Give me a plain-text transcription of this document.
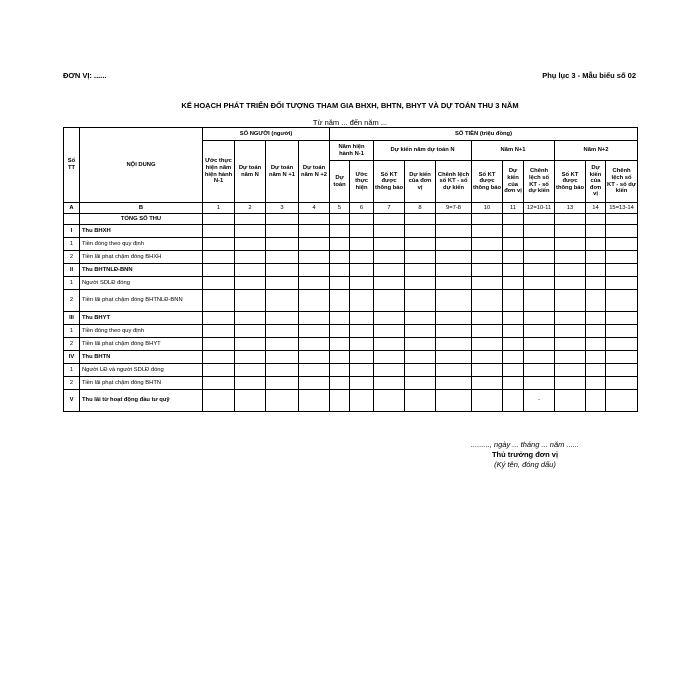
ĐƠN VỊ: ......	Phụ lục 3 - Mẫu biểu số 02
KẾ HOẠCH PHÁT TRIỂN ĐỐI TƯỢNG THAM GIA BHXH, BHTN, BHYT VÀ DỰ TOÁN THU 3 NĂM
Từ năm ... đến năm ...
Số TT	NỘI DUNG	SỐ NGƯỜI (người)				SỐ TIỀN (triệu đồng)										
		Ước thực hiện năm hiện hành N-1	Dự toán năm N	Dự toán năm N +1	Dự toán năm N +2	Năm hiện hành N-1		Dự kiến năm dự toán N			Năm N+1			Năm N+2		
						Dự toán	Ước thực hiện	Số KT được thông báo	Dự kiến của đơn vị	Chênh lệch số KT - số dự kiến	Số KT được thông báo	Dự kiến của đơn vị	Chênh lệch số KT - số dự kiến	Số KT được thông báo	Dự kiến của đơn vị	Chênh lệch số KT - số dự kiến
A	B	1	2	3	4	5	6	7	8	9=7-8	10	11	12=10-11	13	14	15=13-14
	TỔNG SỐ THU															
I	Thu BHXH															
1	Tiền đóng theo quy định															
2	Tiền lãi phạt chậm đóng BHXH															
II	Thu BHTNLĐ-BNN															
1	Người SDLĐ đóng															
2	Tiền lãi phạt chậm đóng BHTNLĐ-BNN															
III	Thu BHYT															
1	Tiền đóng theo quy định															
2	Tiền lãi phạt chậm đóng BHYT															
IV	Thu BHTN															
1	Người LĐ và người SDLĐ đóng															
2	Tiền lãi phạt chậm đóng BHTN															
V	Thu lãi từ hoạt động đầu tư quỹ												-			
........., ngày ... tháng ... năm ......
Thủ trưởng đơn vị
(Ký tên, đóng dấu)
